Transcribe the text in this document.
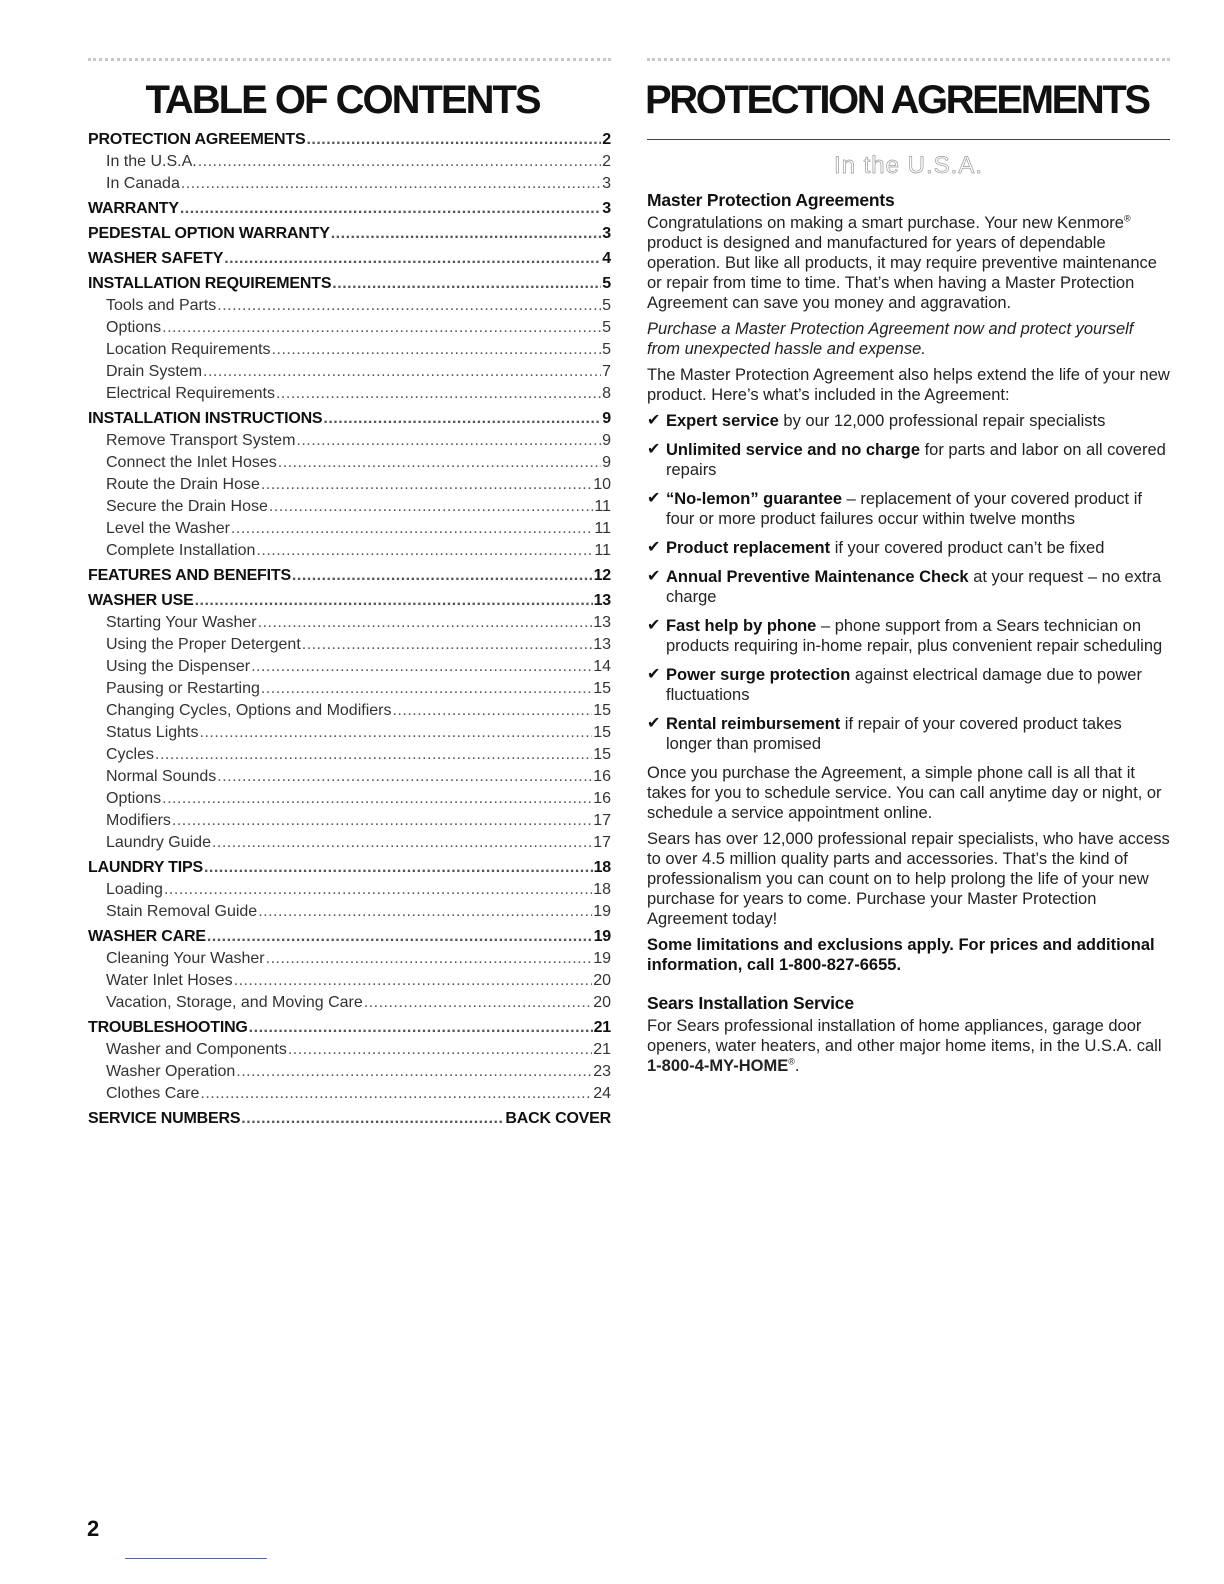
TABLE OF CONTENTS
PROTECTION AGREEMENTS .....	2
In the U.S.A. .....	2
In Canada .....	3
WARRANTY .....	3
PEDESTAL OPTION WARRANTY .....	3
WASHER SAFETY .....	4
INSTALLATION REQUIREMENTS .....	5
Tools and Parts .....	5
Options .....	5
Location Requirements .....	5
Drain System .....	7
Electrical Requirements .....	8
INSTALLATION INSTRUCTIONS .....	9
Remove Transport System .....	9
Connect the Inlet Hoses .....	9
Route the Drain Hose .....	10
Secure the Drain Hose .....	11
Level the Washer .....	11
Complete Installation .....	11
FEATURES AND BENEFITS .....	12
WASHER USE .....	13
Starting Your Washer .....	13
Using the Proper Detergent .....	13
Using the Dispenser .....	14
Pausing or Restarting .....	15
Changing Cycles, Options and Modifiers .....	15
Status Lights .....	15
Cycles .....	15
Normal Sounds .....	16
Options .....	16
Modifiers .....	17
Laundry Guide .....	17
LAUNDRY TIPS .....	18
Loading .....	18
Stain Removal Guide .....	19
WASHER CARE .....	19
Cleaning Your Washer .....	19
Water Inlet Hoses .....	20
Vacation, Storage, and Moving Care .....	20
TROUBLESHOOTING .....	21
Washer and Components .....	21
Washer Operation .....	23
Clothes Care .....	24
SERVICE NUMBERS .....	BACK COVER
PROTECTION AGREEMENTS
In the U.S.A.
Master Protection Agreements

Congratulations on making a smart purchase. Your new Kenmore® product is designed and manufactured for years of dependable operation. But like all products, it may require preventive maintenance or repair from time to time. That’s when having a Master Protection Agreement can save you money and aggravation.

Purchase a Master Protection Agreement now and protect yourself from unexpected hassle and expense.

The Master Protection Agreement also helps extend the life of your new product. Here’s what’s included in the Agreement:

✔ Expert service by our 12,000 professional repair specialists
✔ Unlimited service and no charge for parts and labor on all covered repairs
✔ “No-lemon” guarantee – replacement of your covered product if four or more product failures occur within twelve months
✔ Product replacement if your covered product can’t be fixed
✔ Annual Preventive Maintenance Check at your request – no extra charge
✔ Fast help by phone – phone support from a Sears technician on products requiring in-home repair, plus convenient repair scheduling
✔ Power surge protection against electrical damage due to power fluctuations
✔ Rental reimbursement if repair of your covered product takes longer than promised

Once you purchase the Agreement, a simple phone call is all that it takes for you to schedule service. You can call anytime day or night, or schedule a service appointment online.

Sears has over 12,000 professional repair specialists, who have access to over 4.5 million quality parts and accessories. That’s the kind of professionalism you can count on to help prolong the life of your new purchase for years to come. Purchase your Master Protection Agreement today!

Some limitations and exclusions apply. For prices and additional information, call 1-800-827-6655.

Sears Installation Service

For Sears professional installation of home appliances, garage door openers, water heaters, and other major home items, in the U.S.A. call 1-800-4-MY-HOME®.

2
